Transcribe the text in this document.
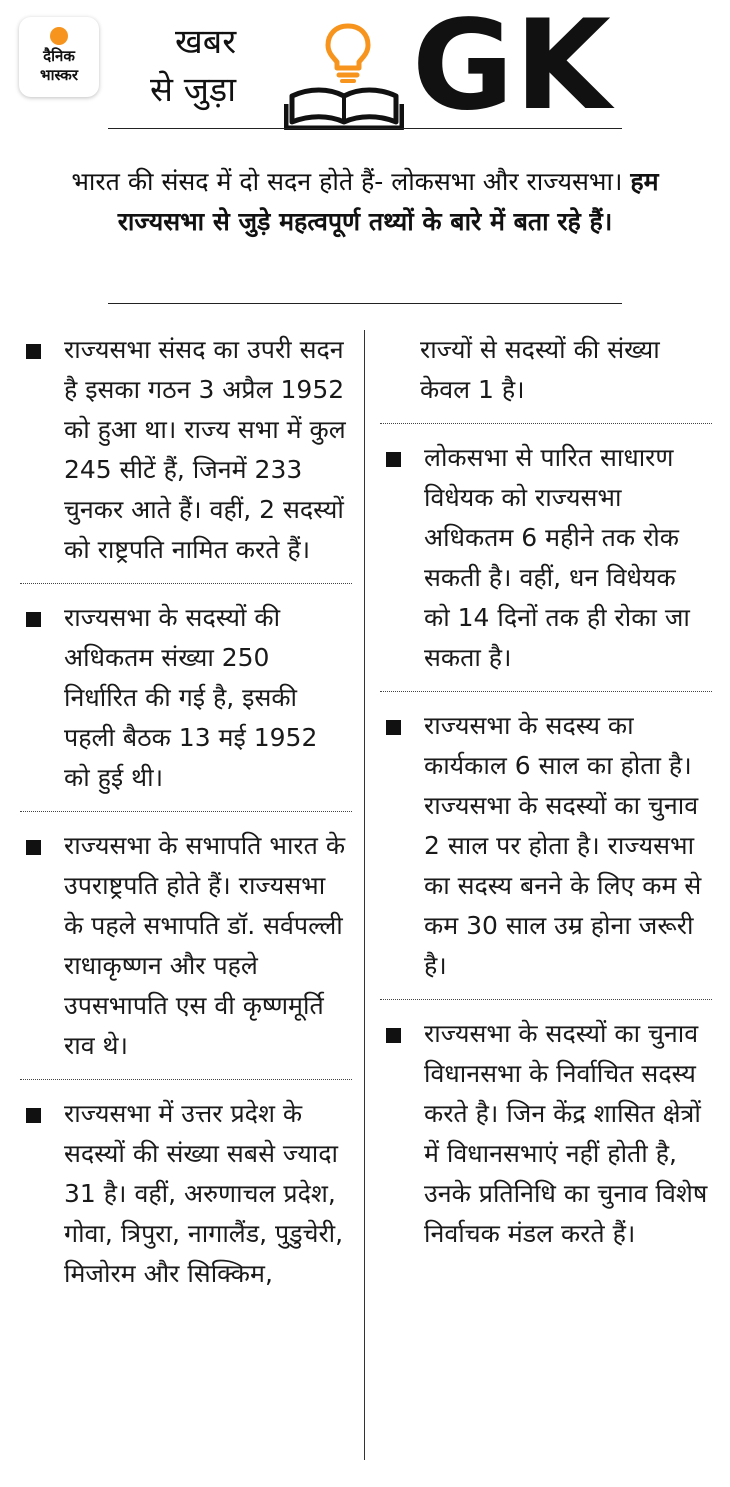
दैनिक
भास्कर
खबर
से जुड़ा GK
भारत की संसद में दो सदन होते हैं- लोकसभा और राज्यसभा। हम राज्यसभा से जुड़े महत्वपूर्ण तथ्यों के बारे में बता रहे हैं।
राज्यसभा संसद का उपरी सदन है इसका गठन 3 अप्रैल 1952 को हुआ था। राज्य सभा में कुल 245 सीटें हैं, जिनमें 233 चुनकर आते हैं। वहीं, 2 सदस्यों को राष्ट्रपति नामित करते हैं।
राज्यसभा के सदस्यों की अधिकतम संख्या 250 निर्धारित की गई है, इसकी पहली बैठक 13 मई 1952 को हुई थी।
राज्यसभा के सभापति भारत के उपराष्ट्रपति होते हैं। राज्यसभा के पहले सभापति डॉ. सर्वपल्ली राधाकृष्णन और पहले उपसभापति एस वी कृष्णमूर्ति राव थे।
राज्यसभा में उत्तर प्रदेश के सदस्यों की संख्या सबसे ज्यादा 31 है। वहीं, अरुणाचल प्रदेश, गोवा, त्रिपुरा, नागालैंड, पुडुचेरी, मिजोरम और सिक्किम,
राज्यों से सदस्यों की संख्या केवल 1 है।
लोकसभा से पारित साधारण विधेयक को राज्यसभा अधिकतम 6 महीने तक रोक सकती है। वहीं, धन विधेयक को 14 दिनों तक ही रोका जा सकता है।
राज्यसभा के सदस्य का कार्यकाल 6 साल का होता है। राज्यसभा के सदस्यों का चुनाव 2 साल पर होता है। राज्यसभा का सदस्य बनने के लिए कम से कम 30 साल उम्र होना जरूरी है।
राज्यसभा के सदस्यों का चुनाव विधानसभा के निर्वाचित सदस्य करते है। जिन केंद्र शासित क्षेत्रों में विधानसभाएं नहीं होती है, उनके प्रतिनिधि का चुनाव विशेष निर्वाचक मंडल करते हैं।
